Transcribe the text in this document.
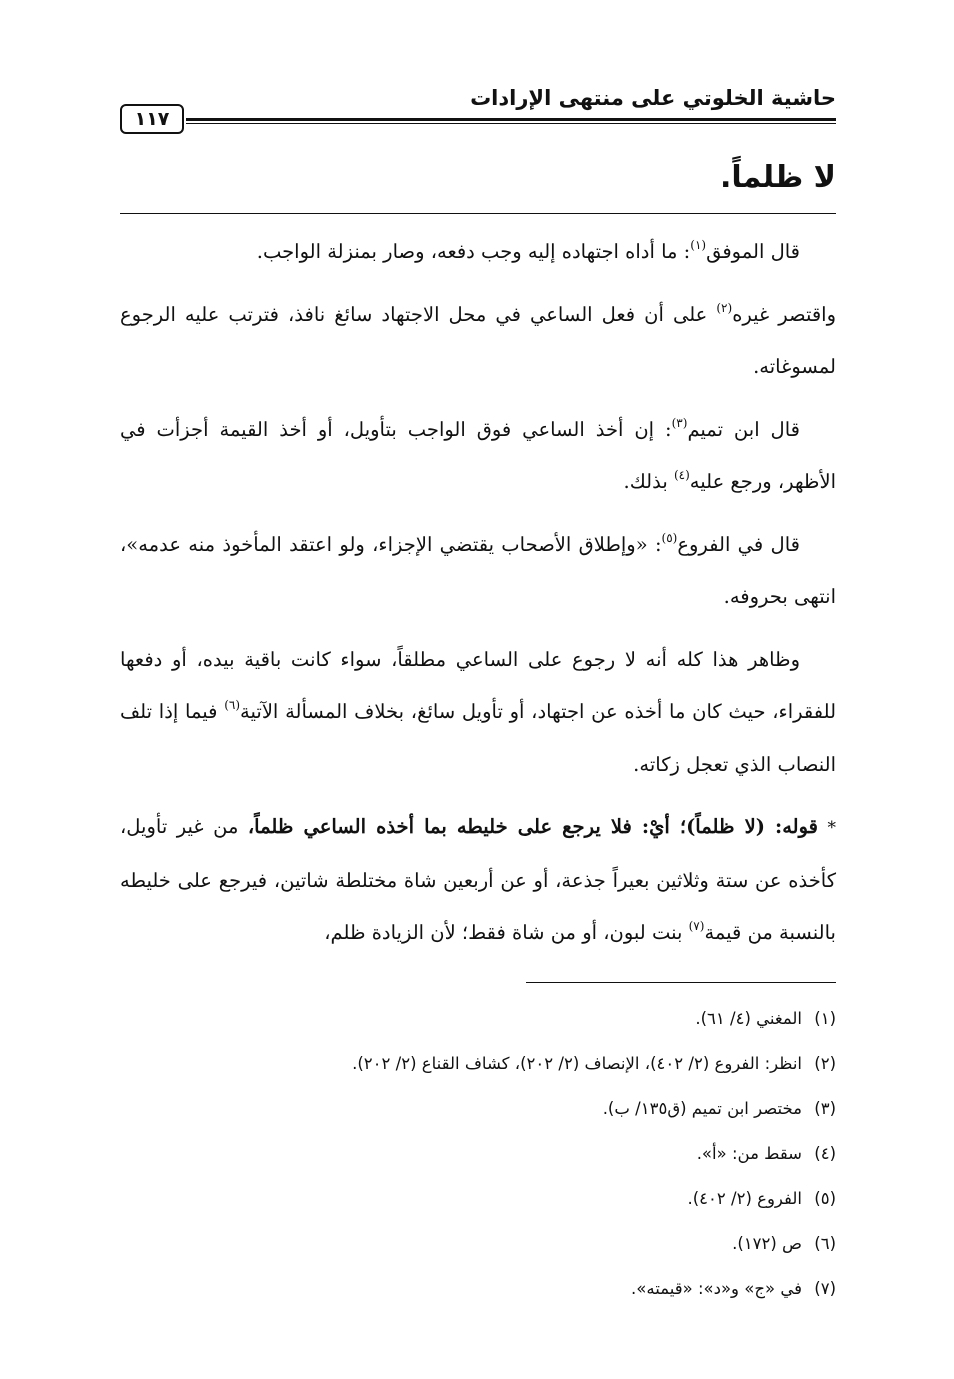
حاشية الخلوتي على منتهى الإرادات
١١٧
لا ظلماً.

قال الموفق$^{(١)}$: ما أداه اجتهاده إليه وجب دفعه، وصار بمنزلة الواجب.

واقتصر غيره$^{(٢)}$ على أن فعل الساعي في محل الاجتهاد سائغ نافذ، فترتب عليه الرجوع لمسوغاته.

قال ابن تميم$^{(٣)}$: إن أخذ الساعي فوق الواجب بتأويل، أو أخذ القيمة أجزأت في الأظهر، ورجع عليه$^{(٤)}$ بذلك.

قال في الفروع$^{(٥)}$: «وإطلاق الأصحاب يقتضي الإجزاء، ولو اعتقد المأخوذ منه عدمه»، انتهى بحروفه.

وظاهر هذا كله أنه لا رجوع على الساعي مطلقاً، سواء كانت باقية بيده، أو دفعها للفقراء، حيث كان ما أخذه عن اجتهاد، أو تأويل سائغ، بخلاف المسألة الآتية$^{(٦)}$ فيما إذا تلف النصاب الذي تعجل زكاته.

* قوله: (لا ظلماً)؛ أيْ: فلا يرجع على خليطه بما أخذه الساعي ظلماً، من غير تأويل، كأخذه عن ستة وثلاثين بعيراً جذعة، أو عن أربعين شاة مختلطة شاتين، فيرجع على خليطه بالنسبة من قيمة$^{(٧)}$ بنت لبون، أو من شاة فقط؛ لأن الزيادة ظلم،

(١)المغني (٤/ ٦١).
(٢)انظر: الفروع (٢/ ٤٠٢)، الإنصاف (٢/ ٢٠٢)، كشاف القناع (٢/ ٢٠٢).
(٣)مختصر ابن تميم (ق١٣٥/ ب).
(٤)سقط من: «أ».
(٥)الفروع (٢/ ٤٠٢).
(٦)ص (١٧٢).
(٧)في «ج» و«د»: «قيمته».
